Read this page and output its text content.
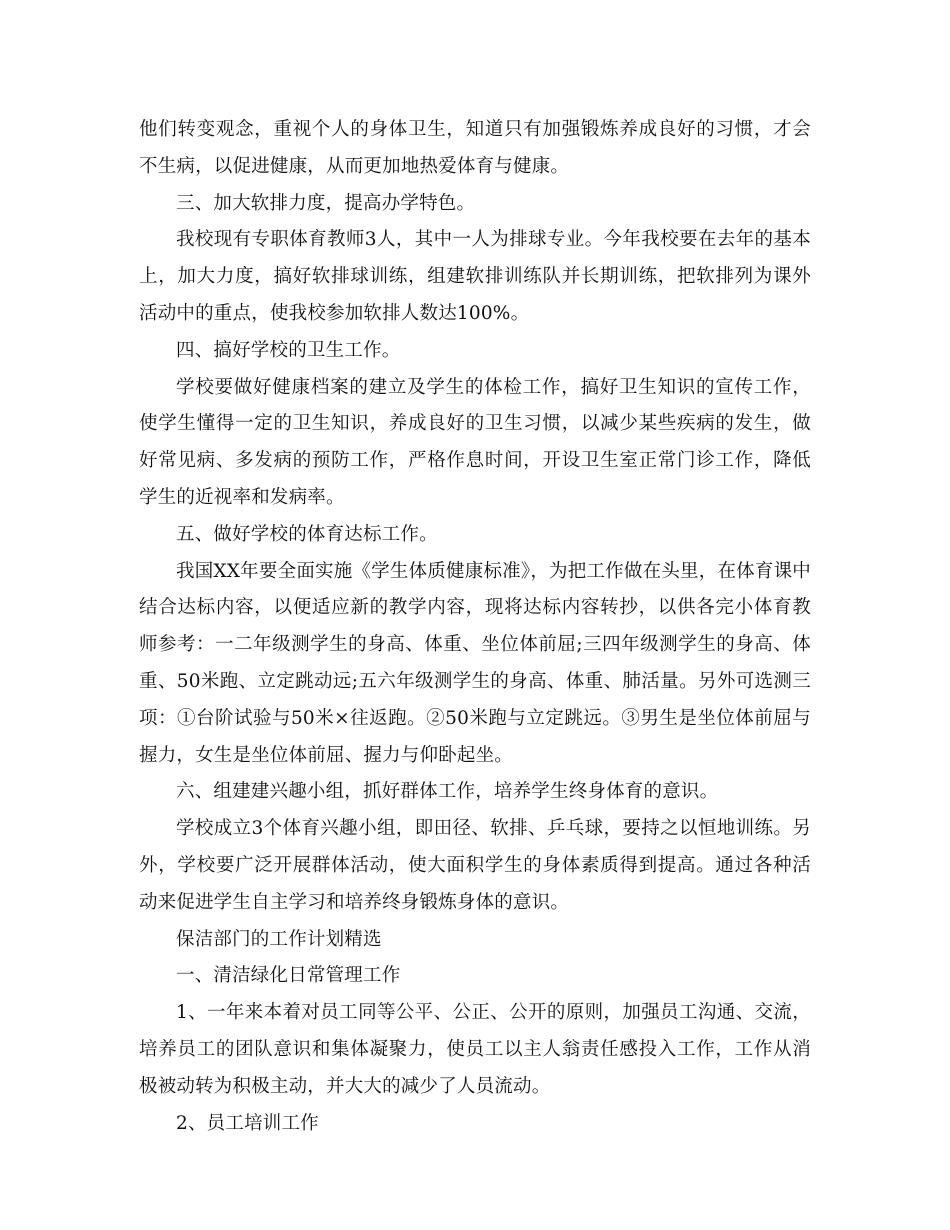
他们转变观念，重视个人的身体卫生，知道只有加强锻炼养成良好的习惯，才会不生病，以促进健康，从而更加地热爱体育与健康。

三、加大软排力度，提高办学特色。

我校现有专职体育教师3人，其中一人为排球专业。今年我校要在去年的基本上，加大力度，搞好软排球训练，组建软排训练队并长期训练，把软排列为课外活动中的重点，使我校参加软排人数达100%。

四、搞好学校的卫生工作。

学校要做好健康档案的建立及学生的体检工作，搞好卫生知识的宣传工作，使学生懂得一定的卫生知识，养成良好的卫生习惯，以减少某些疾病的发生，做好常见病、多发病的预防工作，严格作息时间，开设卫生室正常门诊工作，降低学生的近视率和发病率。

五、做好学校的体育达标工作。

我国XX年要全面实施《学生体质健康标准》，为把工作做在头里，在体育课中结合达标内容，以便适应新的教学内容，现将达标内容转抄，以供各完小体育教师参考：一二年级测学生的身高、体重、坐位体前屈;三四年级测学生的身高、体重、50米跑、立定跳动远;五六年级测学生的身高、体重、肺活量。另外可选测三项：①台阶试验与50米×往返跑。②50米跑与立定跳远。③男生是坐位体前屈与握力，女生是坐位体前屈、握力与仰卧起坐。

六、组建建兴趣小组，抓好群体工作，培养学生终身体育的意识。

学校成立3个体育兴趣小组，即田径、软排、乒乓球，要持之以恒地训练。另外，学校要广泛开展群体活动，使大面积学生的身体素质得到提高。通过各种活动来促进学生自主学习和培养终身锻炼身体的意识。

保洁部门的工作计划精选

一、清洁绿化日常管理工作

1、一年来本着对员工同等公平、公正、公开的原则，加强员工沟通、交流，培养员工的团队意识和集体凝聚力，使员工以主人翁责任感投入工作，工作从消极被动转为积极主动，并大大的减少了人员流动。

2、员工培训工作
